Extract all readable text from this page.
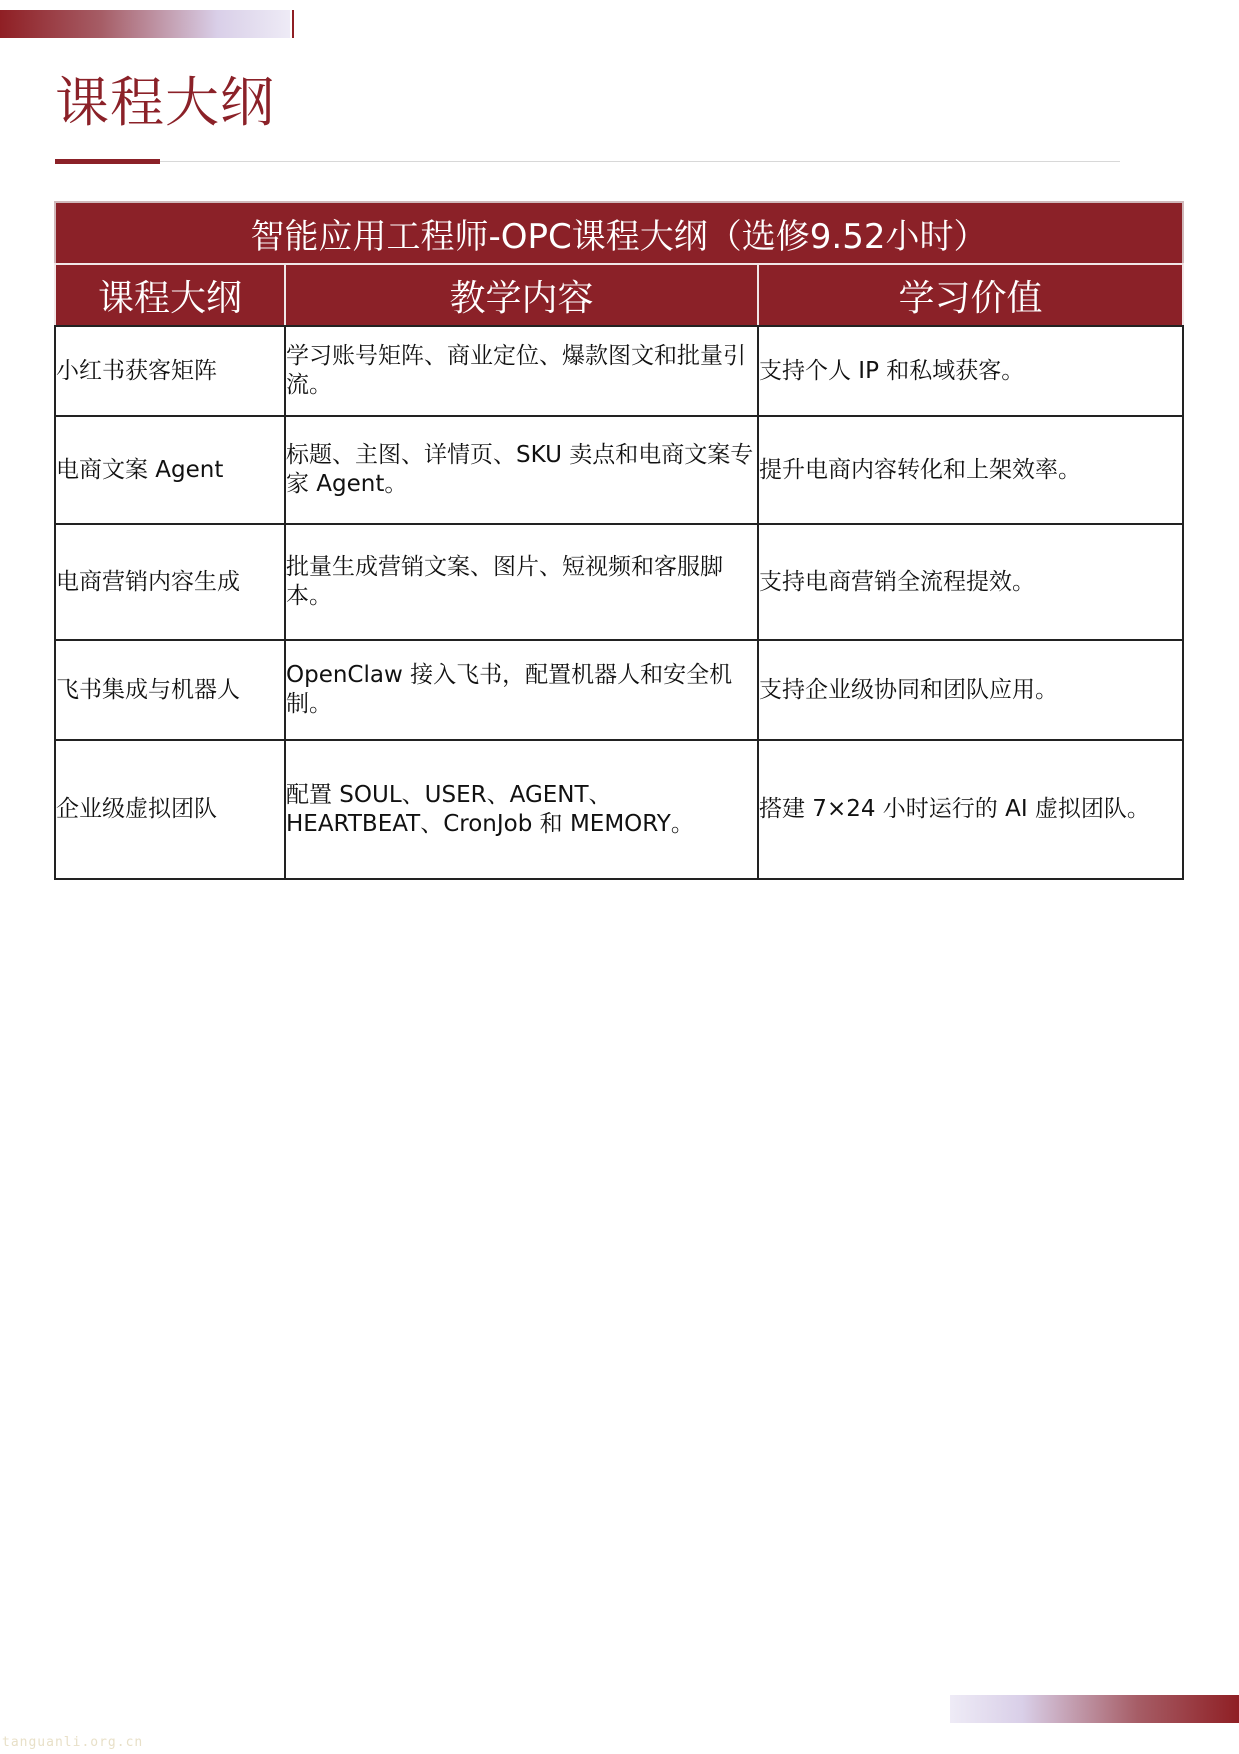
课程大纲
智能应用工程师-OPC课程大纲（选修9.52小时）		
课程大纲	教学内容	学习价值

小红书获客矩阵	学习账号矩阵、商业定位、爆款图文和批量引流。	支持个人 IP 和私域获客。

电商文案 Agent	标题、主图、详情页、SKU 卖点和电商文案专家 Agent。	提升电商内容转化和上架效率。

电商营销内容生成	批量生成营销文案、图片、短视频和客服脚本。	支持电商营销全流程提效。

飞书集成与机器人	OpenClaw 接入飞书，配置机器人和安全机制。	支持企业级协同和团队应用。

企业级虚拟团队	配置 SOUL、USER、AGENT、HEARTBEAT、CronJob 和 MEMORY。	搭建 7×24 小时运行的 AI 虚拟团队。
tanguanli.org.cn
